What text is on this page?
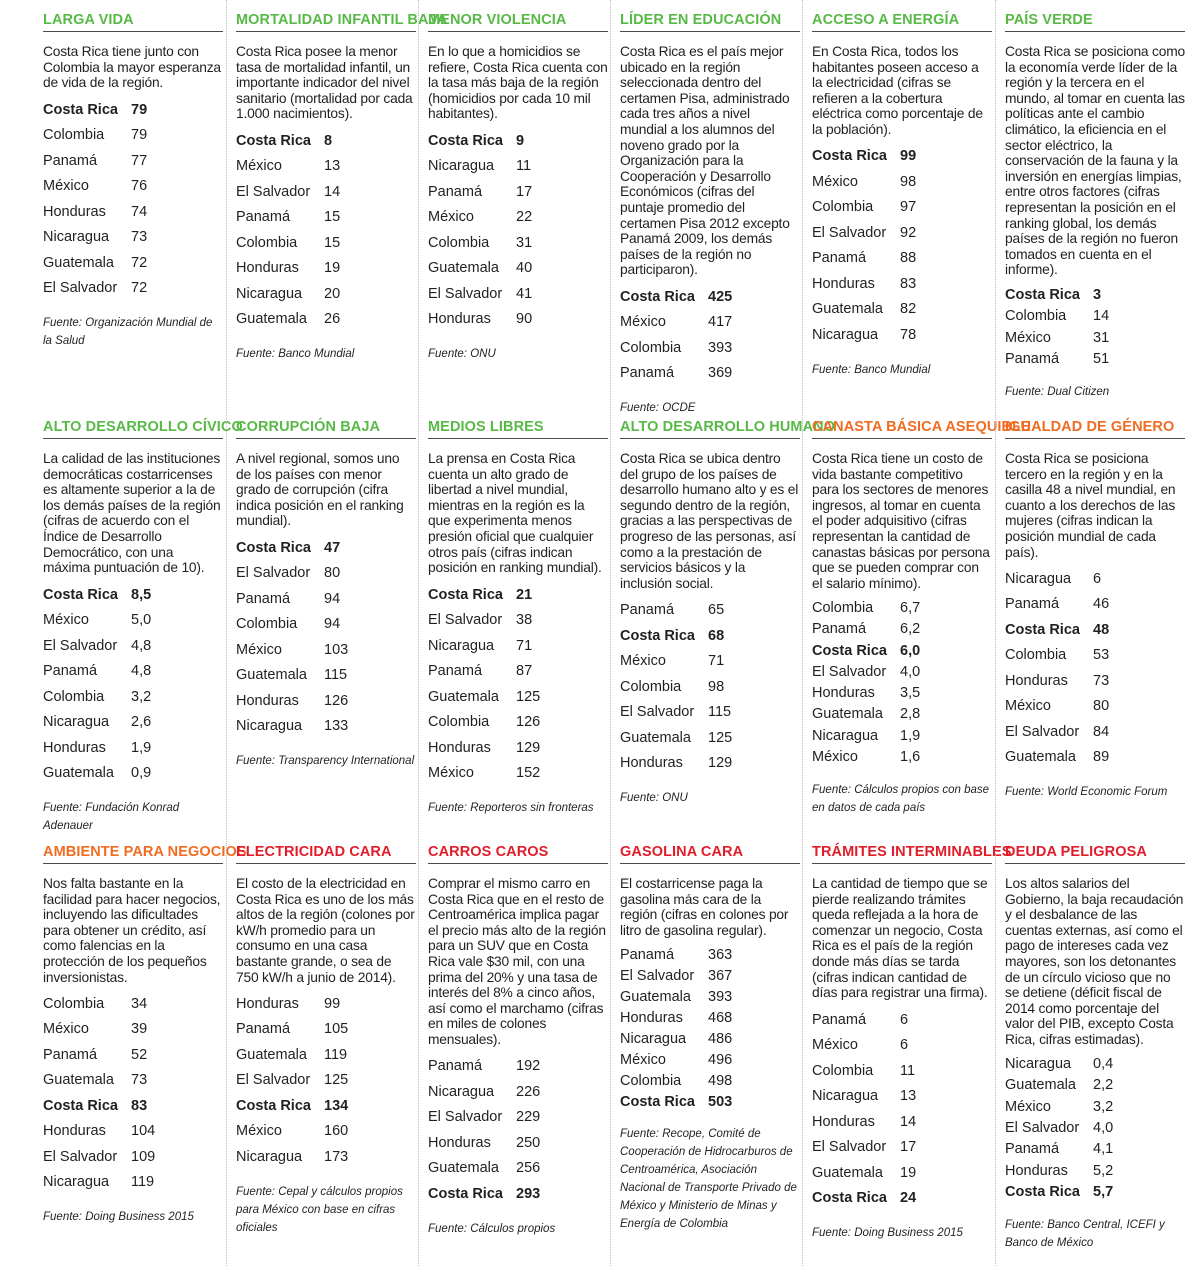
LARGA VIDA
Costa Rica tiene junto con Colombia la mayor esperanza de vida de la región.
Costa Rica	79
Colombia	79
Panamá	77
México	76
Honduras	74
Nicaragua	73
Guatemala	72
El Salvador	72
Fuente: Organización Mundial de la Salud
MORTALIDAD INFANTIL BAJA
Costa Rica posee la menor tasa de mortalidad infantil, un importante indicador del nivel sanitario (mortalidad por cada 1.000 nacimientos).
Costa Rica	8
México	13
El Salvador	14
Panamá	15
Colombia	15
Honduras	19
Nicaragua	20
Guatemala	26
Fuente: Banco Mundial
MENOR VIOLENCIA
En lo que a homicidios se refiere, Costa Rica cuenta con la tasa más baja de la región (homicidios por cada 10 mil habitantes).
Costa Rica	9
Nicaragua	11
Panamá	17
México	22
Colombia	31
Guatemala	40
El Salvador	41
Honduras	90
Fuente: ONU
LÍDER EN EDUCACIÓN
Costa Rica es el país mejor ubicado en la región seleccionada dentro del certamen Pisa, administrado cada tres años a nivel mundial a los alumnos del noveno grado por la Organización para la Cooperación y Desarrollo Económicos (cifras del puntaje promedio del certamen Pisa 2012 excepto Panamá 2009, los demás países de la región no participaron).
Costa Rica	425
México	417
Colombia	393
Panamá	369
Fuente: OCDE
ACCESO A ENERGÍA
En Costa Rica, todos los habitantes poseen acceso a la electricidad (cifras se refieren a la cobertura eléctrica como porcentaje de la población).
Costa Rica	99
México	98
Colombia	97
El Salvador	92
Panamá	88
Honduras	83
Guatemala	82
Nicaragua	78
Fuente: Banco Mundial
PAÍS VERDE
Costa Rica se posiciona como la economía verde líder de la región y la tercera en el mundo, al tomar en cuenta las políticas ante el cambio climático, la eficiencia en el sector eléctrico, la conservación de la fauna y la inversión en energías limpias, entre otros factores (cifras representan la posición en el ranking global, los demás países de la región no fueron tomados en cuenta en el informe).
Costa Rica	3
Colombia	14
México	31
Panamá	51
Fuente: Dual Citizen
ALTO DESARROLLO CÍVICO
La calidad de las instituciones democráticas costarricenses es altamente superior a la de los demás países de la región (cifras de acuerdo con el Índice de Desarrollo Democrático, con una máxima puntuación de 10).
Costa Rica	8,5
México	5,0
El Salvador	4,8
Panamá	4,8
Colombia	3,2
Nicaragua	2,6
Honduras	1,9
Guatemala	0,9
Fuente: Fundación Konrad Adenauer
CORRUPCIÓN BAJA
A nivel regional, somos uno de los países con menor grado de corrupción (cifra indica posición en el ranking mundial).
Costa Rica	47
El Salvador	80
Panamá	94
Colombia	94
México	103
Guatemala	115
Honduras	126
Nicaragua	133
Fuente: Transparency International
MEDIOS LIBRES
La prensa en Costa Rica cuenta un alto grado de libertad a nivel mundial, mientras en la región es la que experimenta menos presión oficial que cualquier otros país (cifras indican posición en ranking mundial).
Costa Rica	21
El Salvador	38
Nicaragua	71
Panamá	87
Guatemala	125
Colombia	126
Honduras	129
México	152
Fuente: Reporteros sin fronteras
ALTO DESARROLLO HUMANO
Costa Rica se ubica dentro del grupo de los países de desarrollo humano alto y es el segundo dentro de la región, gracias a las perspectivas de progreso de las personas, así como a la prestación de servicios básicos y la inclusión social.
Panamá	65
Costa Rica	68
México	71
Colombia	98
El Salvador	115
Guatemala	125
Honduras	129
Fuente: ONU
CANASTA BÁSICA ASEQUIBLE
Costa Rica tiene un costo de vida bastante competitivo para los sectores de menores ingresos, al tomar en cuenta el poder adquisitivo (cifras representan la cantidad de canastas básicas por persona que se pueden comprar con el salario mínimo).
Colombia	6,7
Panamá	6,2
Costa Rica	6,0
El Salvador	4,0
Honduras	3,5
Guatemala	2,8
Nicaragua	1,9
México	1,6
Fuente: Cálculos propios con base en datos de cada país
IGUALDAD DE GÉNERO
Costa Rica se posiciona tercero en la región y en la casilla 48 a nivel mundial, en cuanto a los derechos de las mujeres (cifras indican la posición mundial de cada país).
Nicaragua	6
Panamá	46
Costa Rica	48
Colombia	53
Honduras	73
México	80
El Salvador	84
Guatemala	89
Fuente: World Economic Forum
AMBIENTE PARA NEGOCIOS
Nos falta bastante en la facilidad para hacer negocios, incluyendo las dificultades para obtener un crédito, así como falencias en la protección de los pequeños inversionistas.
Colombia	34
México	39
Panamá	52
Guatemala	73
Costa Rica	83
Honduras	104
El Salvador	109
Nicaragua	119
Fuente: Doing Business 2015
ELECTRICIDAD CARA
El costo de la electricidad en Costa Rica es uno de los más altos de la región (colones por kW/h promedio para un consumo en una casa bastante grande, o sea de 750 kW/h a junio de 2014).
Honduras	99
Panamá	105
Guatemala	119
El Salvador	125
Costa Rica	134
México	160
Nicaragua	173
Fuente: Cepal y cálculos propios para México con base en cifras oficiales
CARROS CAROS
Comprar el mismo carro en Costa Rica que en el resto de Centroamérica implica pagar el precio más alto de la región para un SUV que en Costa Rica vale $30 mil, con una prima del 20% y una tasa de interés del 8% a cinco años, así como el marchamo (cifras en miles de colones mensuales).
Panamá	192
Nicaragua	226
El Salvador	229
Honduras	250
Guatemala	256
Costa Rica	293
Fuente: Cálculos propios
GASOLINA CARA
El costarricense paga la gasolina más cara de la región (cifras en colones por litro de gasolina regular).
Panamá	363
El Salvador	367
Guatemala	393
Honduras	468
Nicaragua	486
México	496
Colombia	498
Costa Rica	503
Fuente: Recope, Comité de Cooperación de Hidrocarburos de Centroamérica, Asociación Nacional de Transporte Privado de México y Ministerio de Minas y Energía de Colombia
TRÁMITES INTERMINABLES
La cantidad de tiempo que se pierde realizando trámites queda reflejada a la hora de comenzar un negocio, Costa Rica es el país de la región donde más días se tarda (cifras indican cantidad de días para registrar una firma).
Panamá	6
México	6
Colombia	11
Nicaragua	13
Honduras	14
El Salvador	17
Guatemala	19
Costa Rica	24
Fuente: Doing Business 2015
DEUDA PELIGROSA
Los altos salarios del Gobierno, la baja recaudación y el desbalance de las cuentas externas, así como el pago de intereses cada vez mayores, son los detonantes de un círculo vicioso que no se detiene (déficit fiscal de 2014 como porcentaje del valor del PIB, excepto Costa Rica, cifras estimadas).
Nicaragua	0,4
Guatemala	2,2
México	3,2
El Salvador	4,0
Panamá	4,1
Honduras	5,2
Costa Rica	5,7
Fuente: Banco Central, ICEFI y Banco de México
